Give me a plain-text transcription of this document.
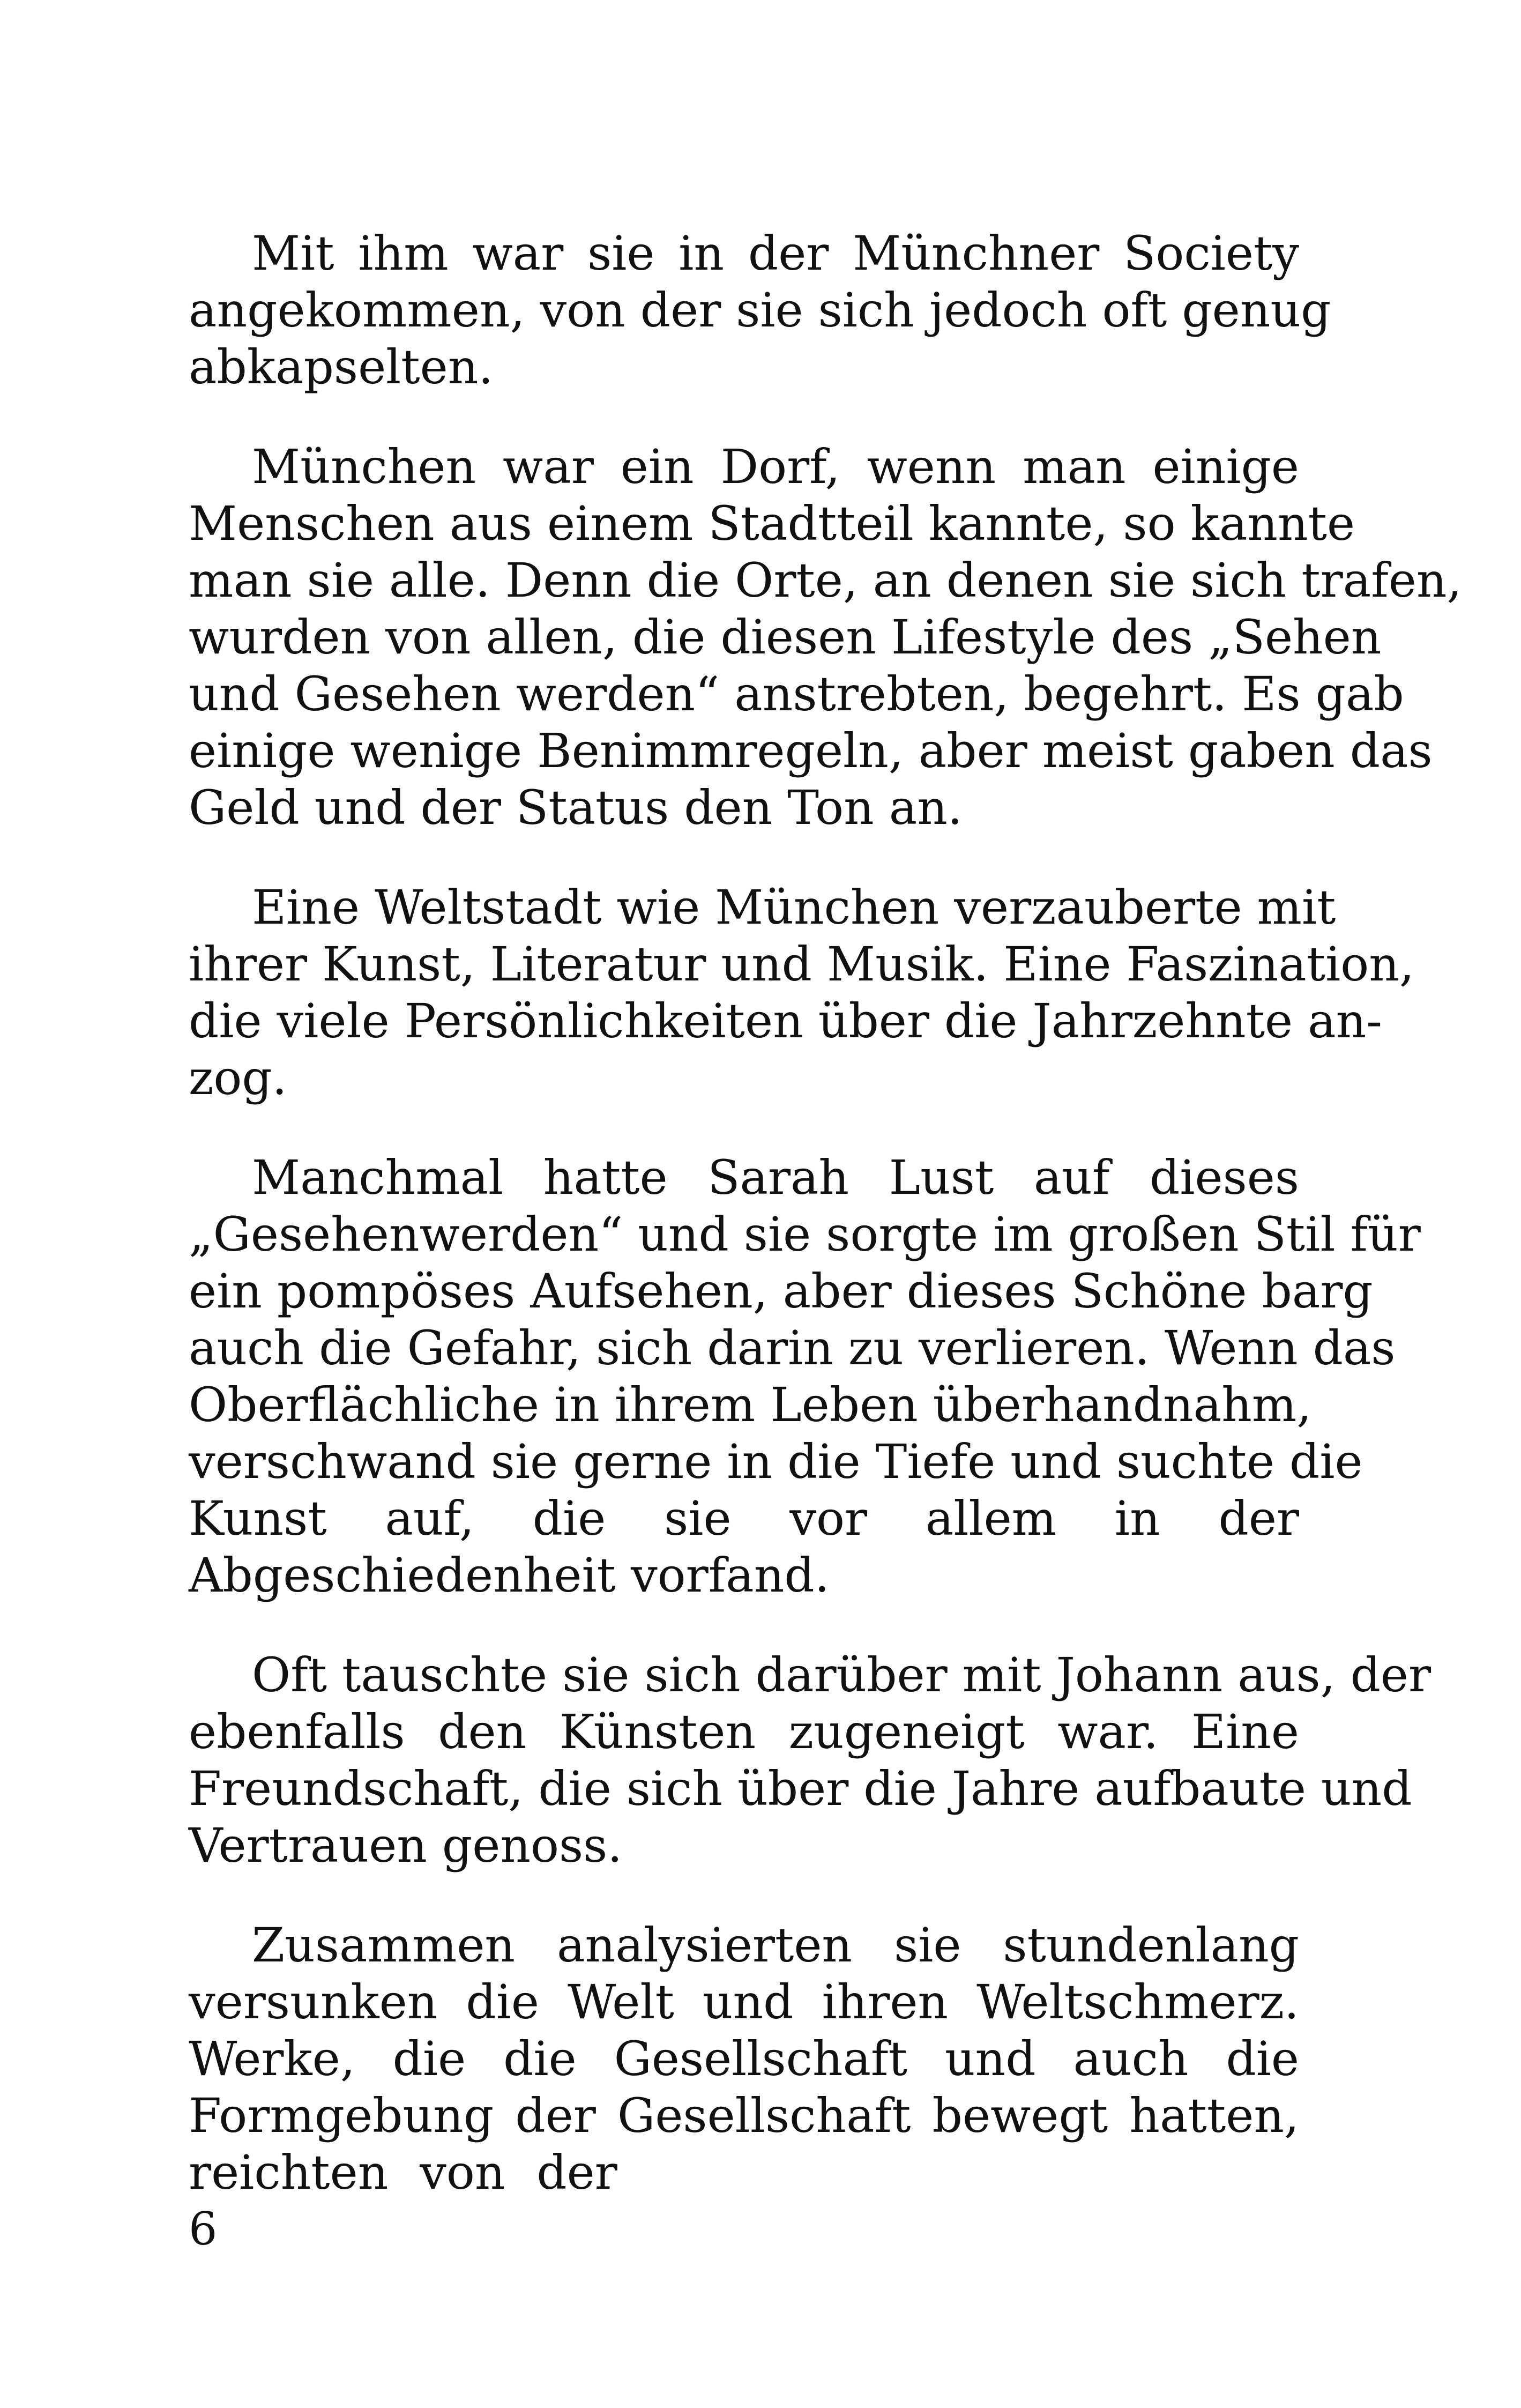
Mit ihm war sie in der Münchner Society
angekommen, von der sie sich jedoch oft genug
abkapselten.

München war ein Dorf, wenn man einige
Menschen aus einem Stadtteil kannte, so kannte
man sie alle. Denn die Orte, an denen sie sich trafen,
wurden von allen, die diesen Lifestyle des „Sehen
und Gesehen werden“ anstrebten, begehrt. Es gab
einige wenige Benimmregeln, aber meist gaben das
Geld und der Status den Ton an.

Eine Weltstadt wie München verzauberte mit
ihrer Kunst, Literatur und Musik. Eine Faszination,
die viele Persönlichkeiten über die Jahrzehnte an-
zog.

Manchmal hatte Sarah Lust auf dieses
„Gesehenwerden“ und sie sorgte im großen Stil für
ein pompöses Aufsehen, aber dieses Schöne barg
auch die Gefahr, sich darin zu verlieren. Wenn das
Oberflächliche in ihrem Leben überhandnahm,
verschwand sie gerne in die Tiefe und suchte die
Kunst auf, die sie vor allem in der
Abgeschiedenheit vorfand.

Oft tauschte sie sich darüber mit Johann aus, der
ebenfalls den Künsten zugeneigt war. Eine
Freundschaft, die sich über die Jahre aufbaute und
Vertrauen genoss.

Zusammen analysierten sie stundenlang
versunken die Welt und ihren Weltschmerz.
Werke, die die Gesellschaft und auch die
Formgebung der Gesellschaft bewegt hatten,
reichten von der

6
